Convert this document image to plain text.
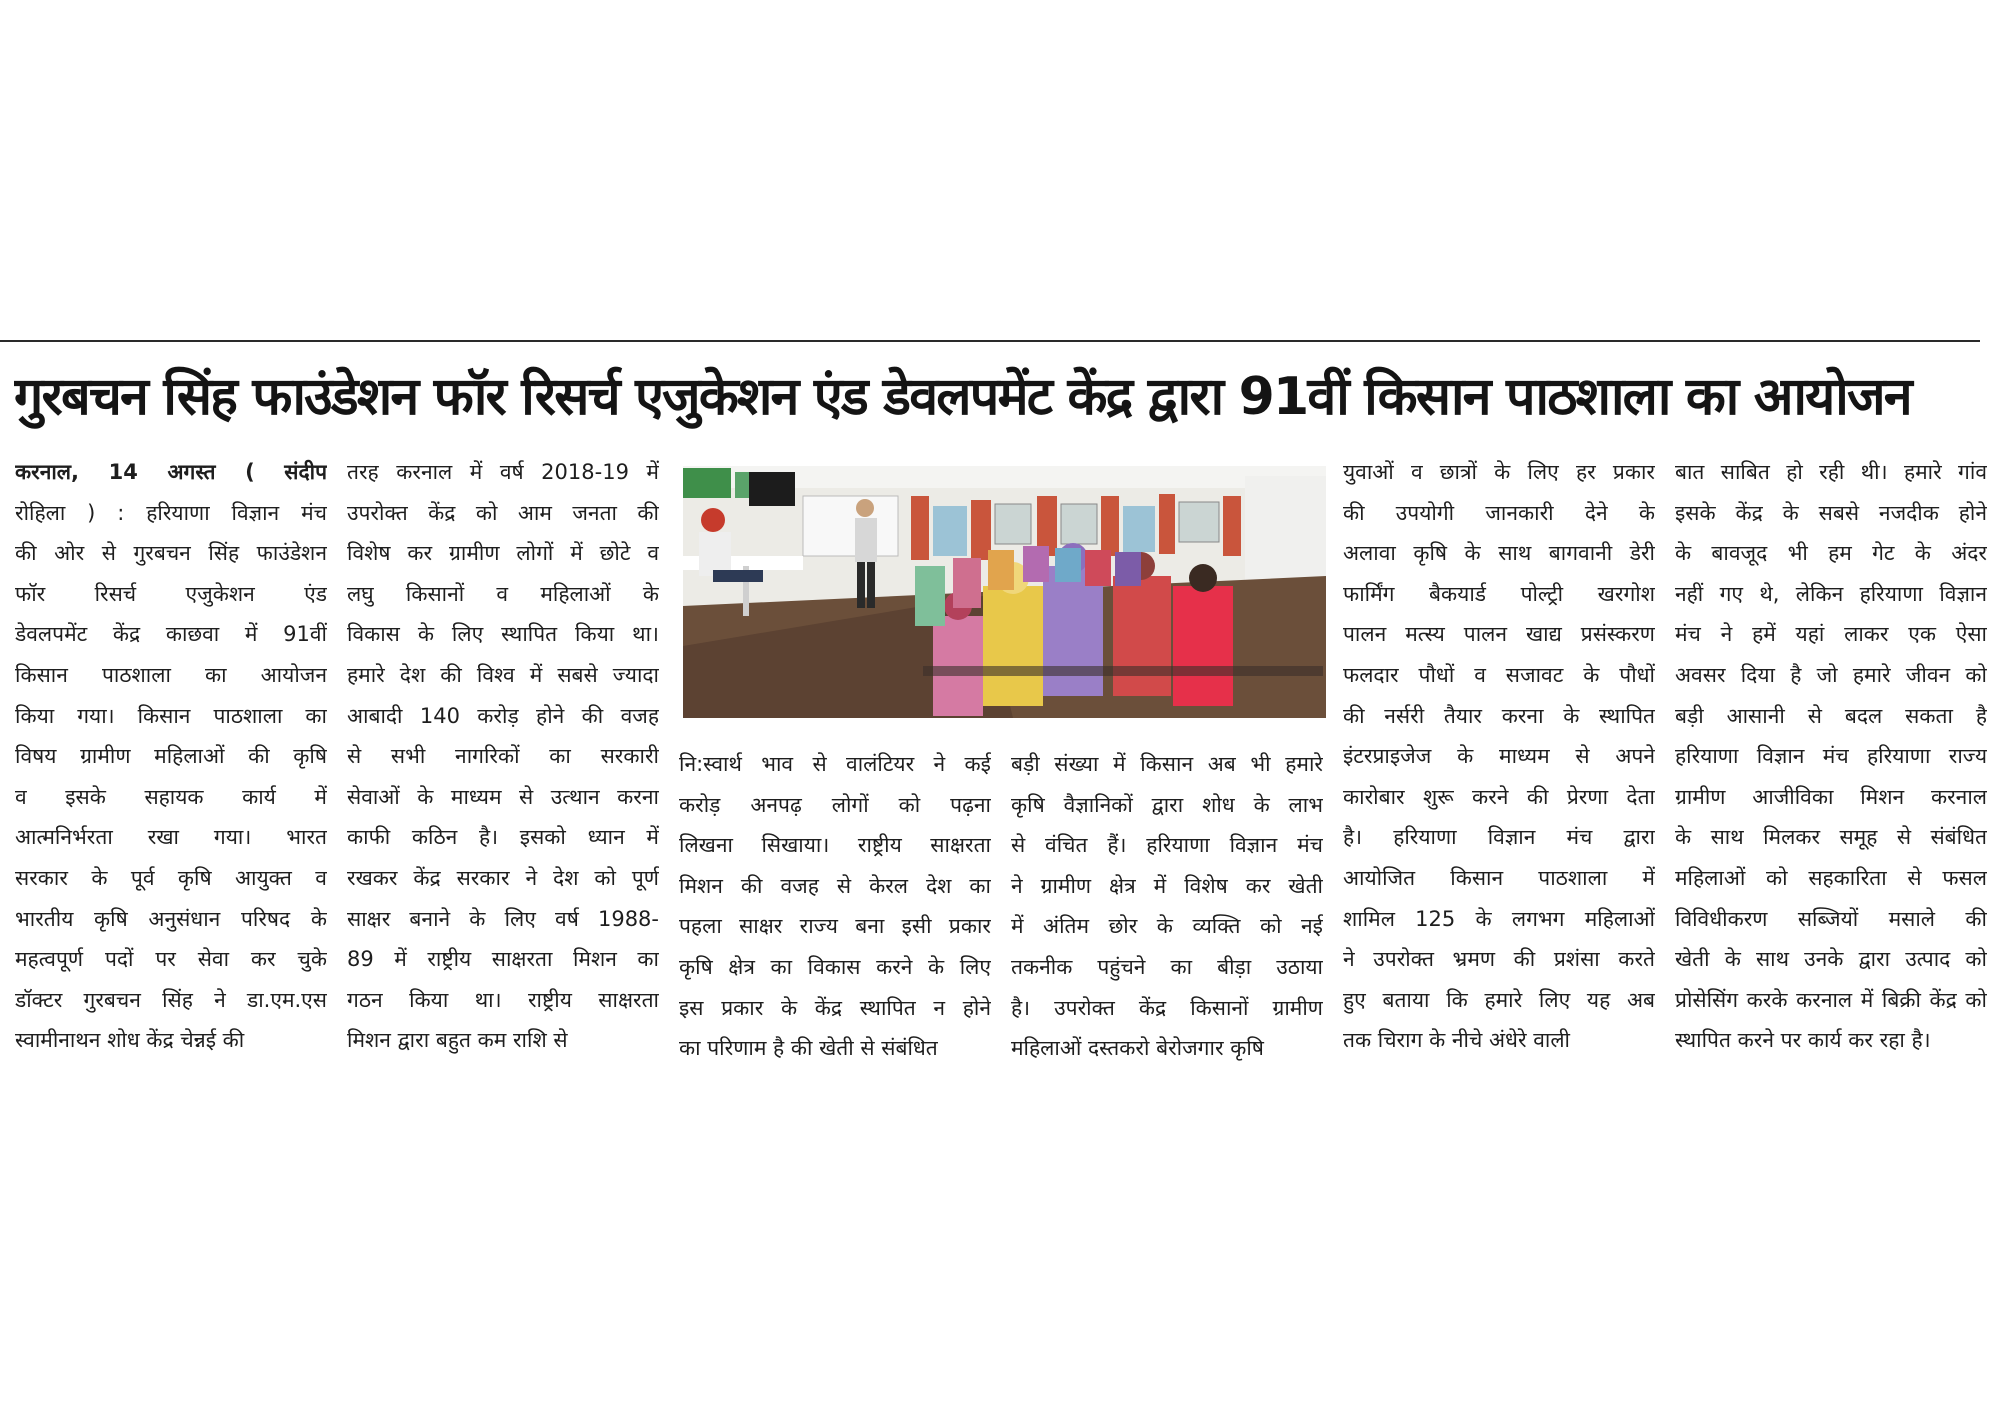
गुरबचन सिंह फाउंडेशन फॉर रिसर्च एजुकेशन एंड डेवलपमेंट केंद्र द्वारा 91वीं किसान पाठशाला का आयोजन
करनाल, 14 अगस्त ( संदीप
रोहिला ) : हरियाणा विज्ञान मंच
की ओर से गुरबचन सिंह फाउंडेशन
फॉर रिसर्च एजुकेशन एंड
डेवलपमेंट केंद्र काछवा में 91वीं
किसान पाठशाला का आयोजन
किया गया। किसान पाठशाला का
विषय ग्रामीण महिलाओं की कृषि
व इसके सहायक कार्य में
आत्मनिर्भरता रखा गया। भारत
सरकार के पूर्व कृषि आयुक्त व
भारतीय कृषि अनुसंधान परिषद के
महत्वपूर्ण पदों पर सेवा कर चुके
डॉक्टर गुरबचन सिंह ने डा.एम.एस
स्वामीनाथन शोध केंद्र चेन्नई की
तरह करनाल में वर्ष 2018-19 में
उपरोक्त केंद्र को आम जनता की
विशेष कर ग्रामीण लोगों में छोटे व
लघु किसानों व महिलाओं के
विकास के लिए स्थापित किया था।
हमारे देश की विश्व में सबसे ज्यादा
आबादी 140 करोड़ होने की वजह
से सभी नागरिकों का सरकारी
सेवाओं के माध्यम से उत्थान करना
काफी कठिन है। इसको ध्यान में
रखकर केंद्र सरकार ने देश को पूर्ण
साक्षर बनाने के लिए वर्ष 1988-
89 में राष्ट्रीय साक्षरता मिशन का
गठन किया था। राष्ट्रीय साक्षरता
मिशन द्वारा बहुत कम राशि से
नि:स्वार्थ भाव से वालंटियर ने कई
करोड़ अनपढ़ लोगों को पढ़ना
लिखना सिखाया। राष्ट्रीय साक्षरता
मिशन की वजह से केरल देश का
पहला साक्षर राज्य बना इसी प्रकार
कृषि क्षेत्र का विकास करने के लिए
इस प्रकार के केंद्र स्थापित न होने
का परिणाम है की खेती से संबंधित
बड़ी संख्या में किसान अब भी हमारे
कृषि वैज्ञानिकों द्वारा शोध के लाभ
से वंचित हैं। हरियाणा विज्ञान मंच
ने ग्रामीण क्षेत्र में विशेष कर खेती
में अंतिम छोर के व्यक्ति को नई
तकनीक पहुंचने का बीड़ा उठाया
है। उपरोक्त केंद्र किसानों ग्रामीण
महिलाओं दस्तकरो बेरोजगार कृषि
युवाओं व छात्रों के लिए हर प्रकार
की उपयोगी जानकारी देने के
अलावा कृषि के साथ बागवानी डेरी
फार्मिंग बैकयार्ड पोल्ट्री खरगोश
पालन मत्स्य पालन खाद्य प्रसंस्करण
फलदार पौधों व सजावट के पौधों
की नर्सरी तैयार करना के स्थापित
इंटरप्राइजेज के माध्यम से अपने
कारोबार शुरू करने की प्रेरणा देता
है। हरियाणा विज्ञान मंच द्वारा
आयोजित किसान पाठशाला में
शामिल 125 के लगभग महिलाओं
ने उपरोक्त भ्रमण की प्रशंसा करते
हुए बताया कि हमारे लिए यह अब
तक चिराग के नीचे अंधेरे वाली
बात साबित हो रही थी। हमारे गांव
इसके केंद्र के सबसे नजदीक होने
के बावजूद भी हम गेट के अंदर
नहीं गए थे, लेकिन हरियाणा विज्ञान
मंच ने हमें यहां लाकर एक ऐसा
अवसर दिया है जो हमारे जीवन को
बड़ी आसानी से बदल सकता है
हरियाणा विज्ञान मंच हरियाणा राज्य
ग्रामीण आजीविका मिशन करनाल
के साथ मिलकर समूह से संबंधित
महिलाओं को सहकारिता से फसल
विविधीकरण सब्जियों मसाले की
खेती के साथ उनके द्वारा उत्पाद को
प्रोसेसिंग करके करनाल में बिक्री केंद्र को
स्थापित करने पर कार्य कर रहा है।
